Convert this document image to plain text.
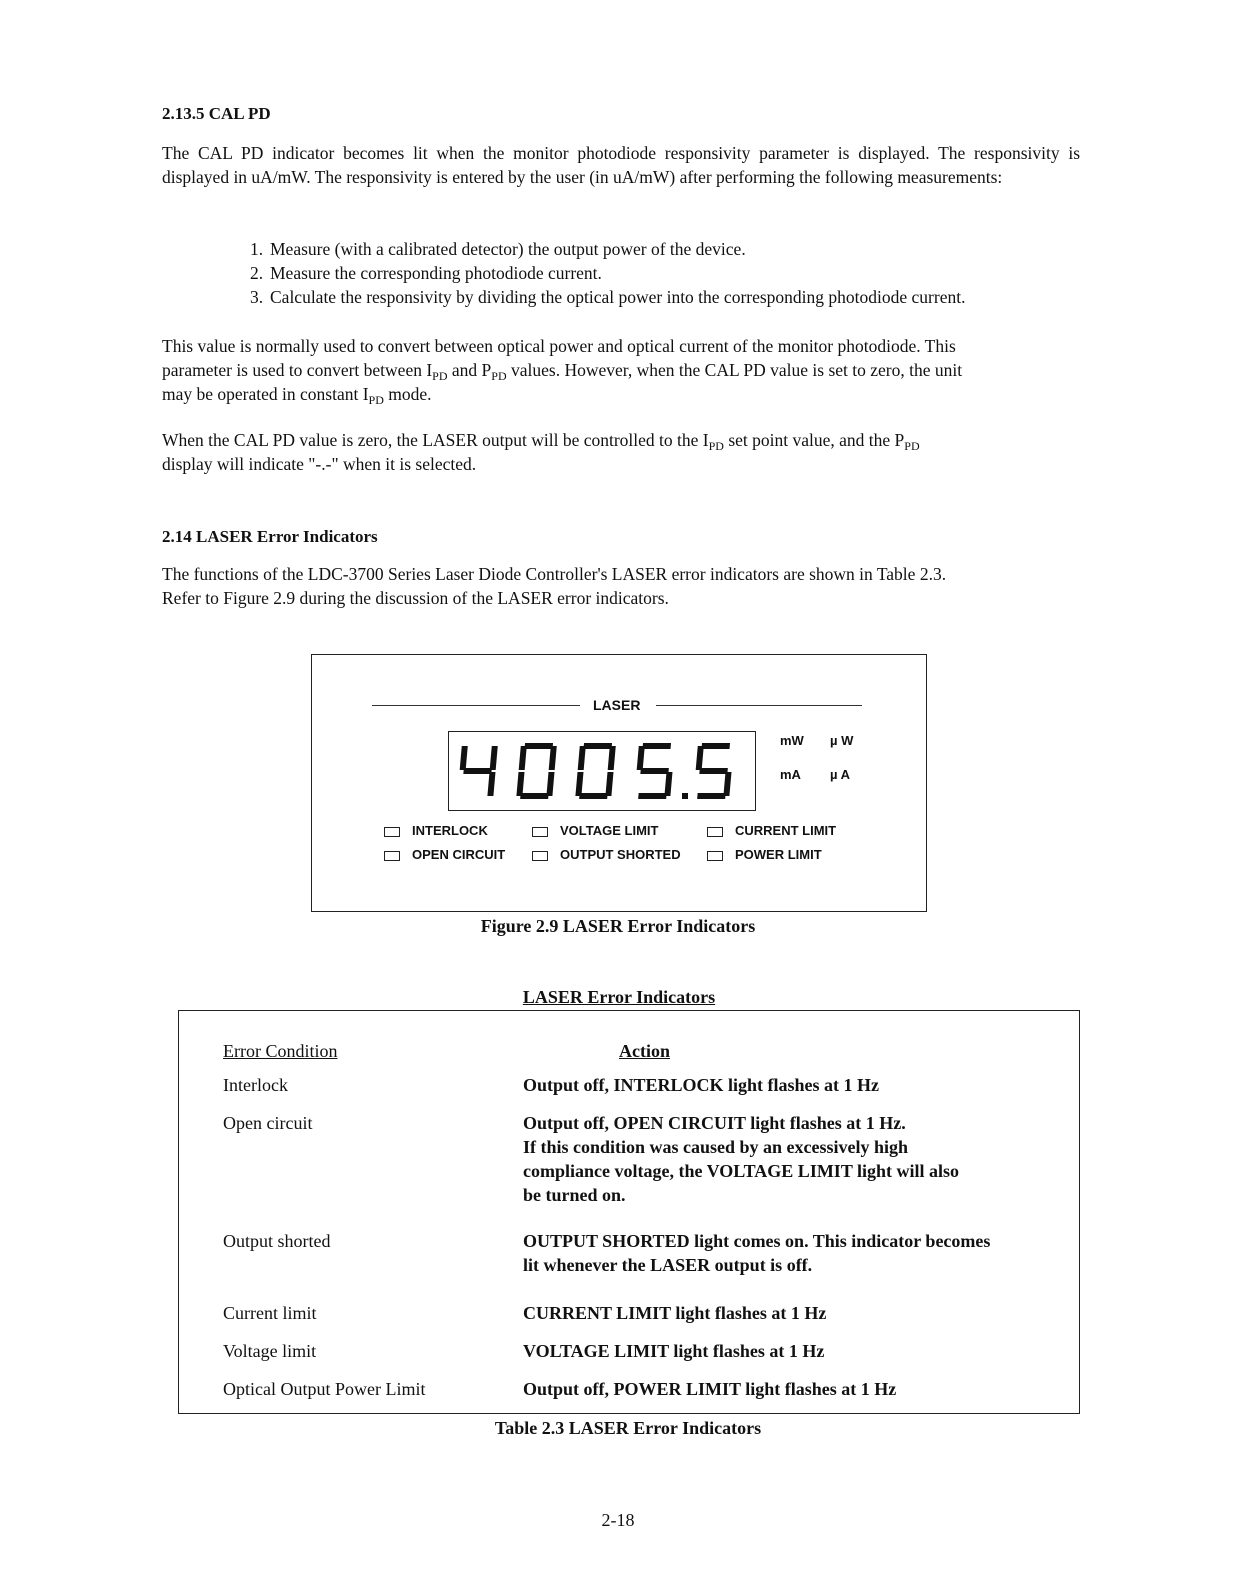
2.13.5 CAL PD

The CAL PD indicator becomes lit when the monitor photodiode responsivity parameter is displayed. The responsivity is displayed in uA/mW. The responsivity is entered by the user (in uA/mW) after performing the following measurements:

1. Measure (with a calibrated detector) the output power of the device.
2. Measure the corresponding photodiode current.
3. Calculate the responsivity by dividing the optical power into the corresponding photodiode current.
This value is normally used to convert between optical power and optical current of the monitor photodiode. This
parameter is used to convert between $I_{PD}$ and $P_{PD}$ values. However, when the CAL PD value is set to zero, the unit
may be operated in constant $I_{PD}$ mode.
When the CAL PD value is zero, the LASER output will be controlled to the $I_{PD}$ set point value, and the $P_{PD}$
display will indicate "-.-" when it is selected.
2.14 LASER Error Indicators
The functions of the LDC-3700 Series Laser Diode Controller's LASER error indicators are shown in Table 2.3.
Refer to Figure 2.9 during the discussion of the LASER error indicators.
LASER
mW µ W
mA µ A
INTERLOCK	VOLTAGE LIMIT	CURRENT LIMIT
OPEN CIRCUIT	OUTPUT SHORTED	POWER LIMIT
Figure 2.9 LASER Error Indicators
LASER Error Indicators
Error Condition	Action
Interlock	Output off, INTERLOCK light flashes at 1 Hz
Open circuit	Output off, OPEN CIRCUIT light flashes at 1 Hz.
If this condition was caused by an excessively high
compliance voltage, the VOLTAGE LIMIT light will also
be turned on.
Output shorted	OUTPUT SHORTED light comes on. This indicator becomes
lit whenever the LASER output is off.
Current limit	CURRENT LIMIT light flashes at 1 Hz
Voltage limit	VOLTAGE LIMIT light flashes at 1 Hz
Optical Output Power Limit	Output off, POWER LIMIT light flashes at 1 Hz
Table 2.3 LASER Error Indicators
2-18
